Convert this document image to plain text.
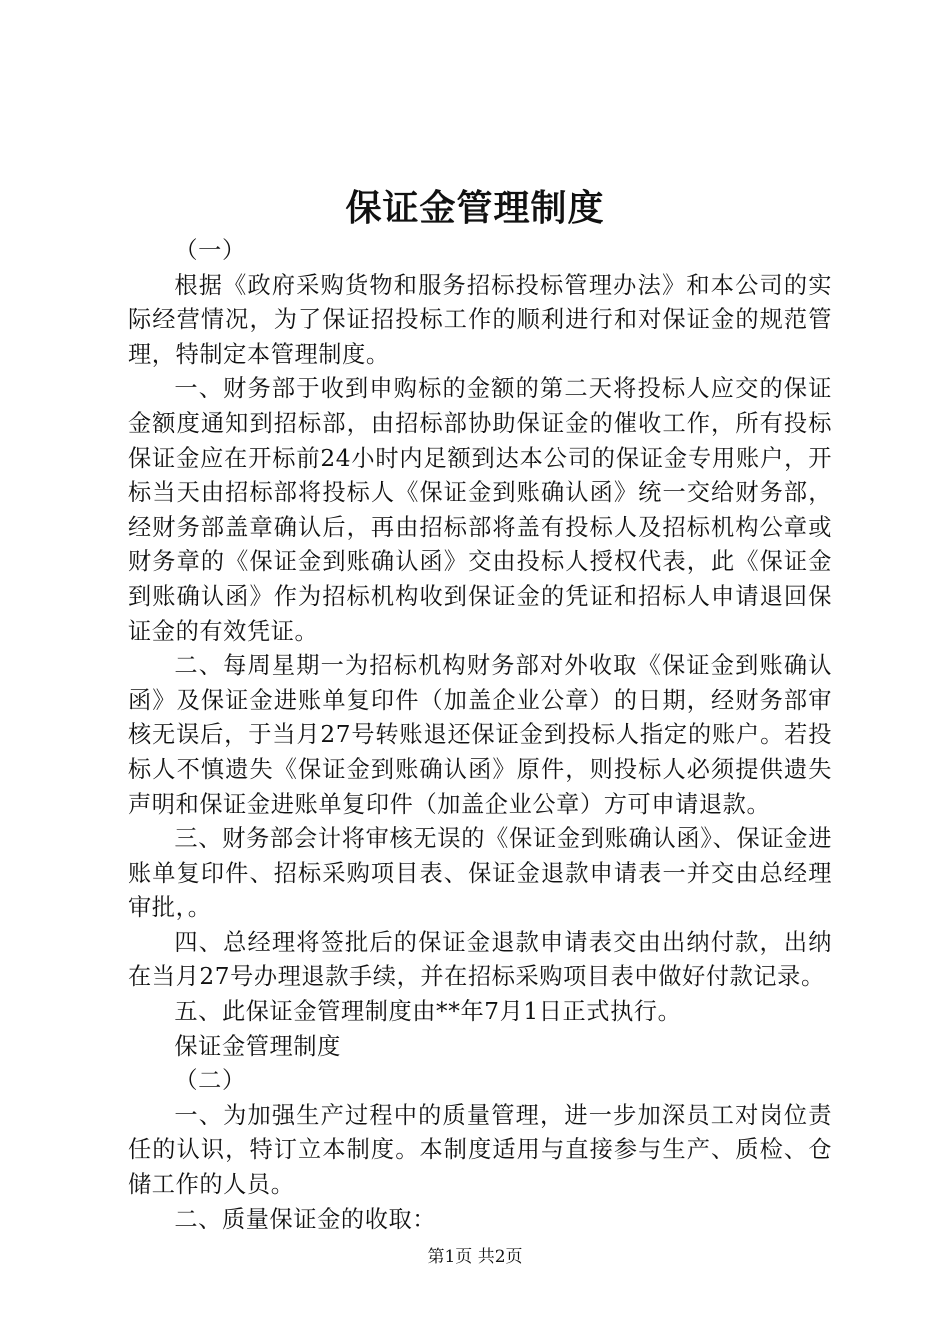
保证金管理制度

（一）

根据《政府采购货物和服务招标投标管理办法》和本公司的实际经营情况，为了保证招投标工作的顺利进行和对保证金的规范管理，特制定本管理制度。

一、财务部于收到申购标的金额的第二天将投标人应交的保证金额度通知到招标部，由招标部协助保证金的催收工作，所有投标保证金应在开标前24小时内足额到达本公司的保证金专用账户，开标当天由招标部将投标人《保证金到账确认函》统一交给财务部，经财务部盖章确认后，再由招标部将盖有投标人及招标机构公章或财务章的《保证金到账确认函》交由投标人授权代表，此《保证金到账确认函》作为招标机构收到保证金的凭证和招标人申请退回保证金的有效凭证。

二、每周星期一为招标机构财务部对外收取《保证金到账确认函》及保证金进账单复印件（加盖企业公章）的日期，经财务部审核无误后，于当月27号转账退还保证金到投标人指定的账户。若投标人不慎遗失《保证金到账确认函》原件，则投标人必须提供遗失声明和保证金进账单复印件（加盖企业公章）方可申请退款。

三、财务部会计将审核无误的《保证金到账确认函》、保证金进账单复印件、招标采购项目表、保证金退款申请表一并交由总经理审批，。

四、总经理将签批后的保证金退款申请表交由出纳付款，出纳在当月27号办理退款手续，并在招标采购项目表中做好付款记录。

五、此保证金管理制度由**年7月1日正式执行。

保证金管理制度

（二）

一、为加强生产过程中的质量管理，进一步加深员工对岗位责任的认识，特订立本制度。本制度适用与直接参与生产、质检、仓储工作的人员。

二、质量保证金的收取：

第1页 共2页
